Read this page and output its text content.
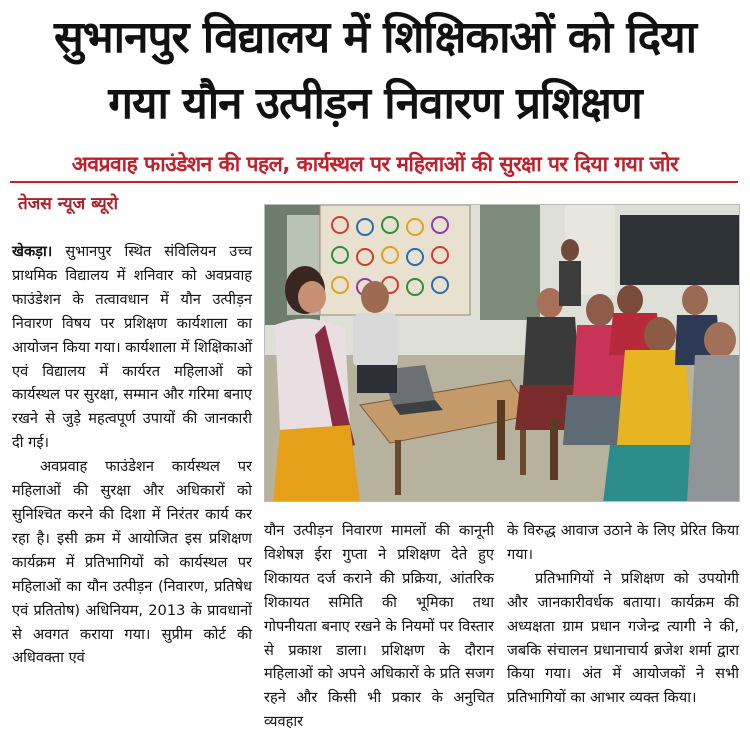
सुभानपुर विद्यालय में शिक्षिकाओं को दिया
गया यौन उत्पीड़न निवारण प्रशिक्षण
अवप्रवाह फाउंडेशन की पहल, कार्यस्थल पर महिलाओं की सुरक्षा पर दिया गया जोर
तेजस न्यूज ब्यूरो

खेकड़ा। सुभानपुर स्थित संविलियन उच्च प्राथमिक विद्यालय में शनिवार को अवप्रवाह फाउंडेशन के तत्वावधान में यौन उत्पीड़न निवारण विषय पर प्रशिक्षण कार्यशाला का आयोजन किया गया। कार्यशाला में शिक्षिकाओं एवं विद्यालय में कार्यरत महिलाओं को कार्यस्थल पर सुरक्षा, सम्मान और गरिमा बनाए रखने से जुड़े महत्वपूर्ण उपायों की जानकारी दी गई।

अवप्रवाह फाउंडेशन कार्यस्थल पर महिलाओं की सुरक्षा और अधिकारों को सुनिश्चित करने की दिशा में निरंतर कार्य कर रहा है। इसी क्रम में आयोजित इस प्रशिक्षण कार्यक्रम में प्रतिभागियों को कार्यस्थल पर महिलाओं का यौन उत्पीड़न (निवारण, प्रतिषेध एवं प्रतितोष) अधिनियम, 2013 के प्रावधानों से अवगत कराया गया। सुप्रीम कोर्ट की अधिवक्ता एवं

यौन उत्पीड़न निवारण मामलों की कानूनी विशेषज्ञ ईरा गुप्ता ने प्रशिक्षण देते हुए शिकायत दर्ज कराने की प्रक्रिया, आंतरिक शिकायत समिति की भूमिका तथा गोपनीयता बनाए रखने के नियमों पर विस्तार से प्रकाश डाला। प्रशिक्षण के दौरान महिलाओं को अपने अधिकारों के प्रति सजग रहने और किसी भी प्रकार के अनुचित व्यवहार

के विरुद्ध आवाज उठाने के लिए प्रेरित किया गया।

प्रतिभागियों ने प्रशिक्षण को उपयोगी और जानकारीवर्धक बताया। कार्यक्रम की अध्यक्षता ग्राम प्रधान गजेन्द्र त्यागी ने की, जबकि संचालन प्रधानाचार्य ब्रजेश शर्मा द्वारा किया गया। अंत में आयोजकों ने सभी प्रतिभागियों का आभार व्यक्त किया।
